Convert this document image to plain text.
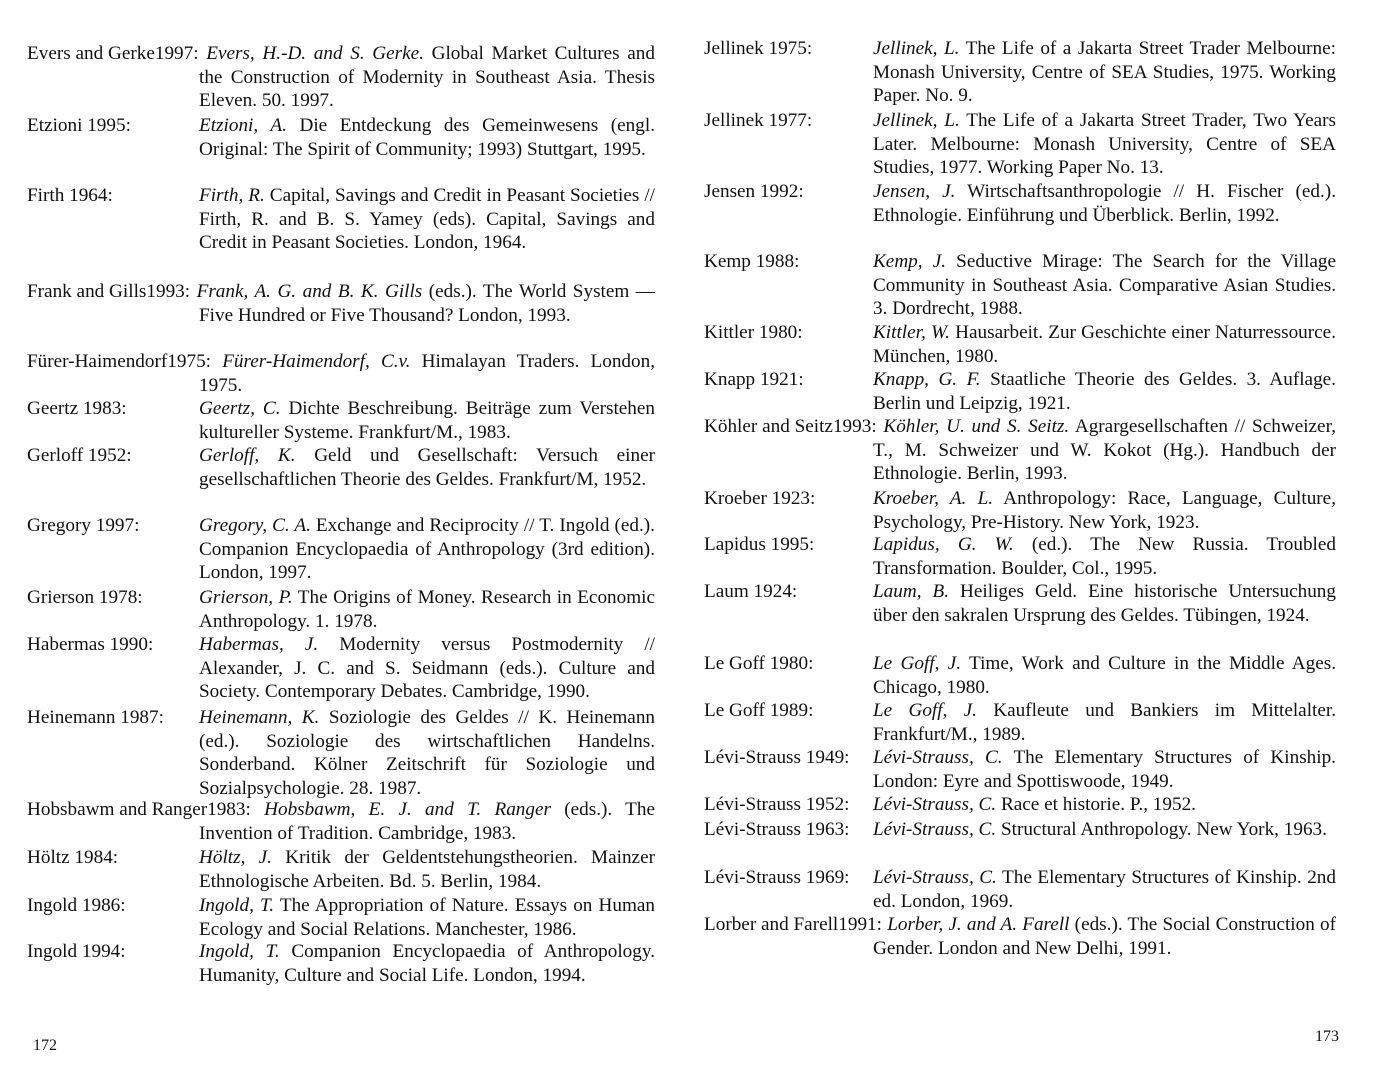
Evers and Gerke 1997: Evers, H.-D. and S. Gerke. Global Market Cultures and the Construction of Modernity in Southeast Asia. Thesis Eleven. 50. 1997.
Etzioni 1995:	Etzioni, A. Die Entdeckung des Gemeinwesens (engl. Original: The Spirit of Community; 1993) Stuttgart, 1995.
Firth 1964:	Firth, R. Capital, Savings and Credit in Peasant Societies // Firth, R. and B. S. Yamey (eds). Capital, Savings and Credit in Peasant Societies. London, 1964.
Frank and Gills 1993: Frank, A. G. and B. K. Gills (eds.). The World System — Five Hundred or Five Thousand? London, 1993.
Fürer-Haimendorf 1975: Fürer-Haimendorf, C.v. Himalayan Traders. London, 1975.
Geertz 1983:	Geertz, C. Dichte Beschreibung. Beiträge zum Verstehen kultureller Systeme. Frankfurt/M., 1983.
Gerloff 1952:	Gerloff, K. Geld und Gesellschaft: Versuch einer gesellschaftlichen Theorie des Geldes. Frankfurt/M, 1952.
Gregory 1997:	Gregory, C. A. Exchange and Reciprocity // T. Ingold (ed.). Companion Encyclopaedia of Anthropology (3rd edition). London, 1997.
Grierson 1978:	Grierson, P. The Origins of Money. Research in Economic Anthropology. 1. 1978.
Habermas 1990: Habermas, J. Modernity versus Postmodernity // Alexander, J. C. and S. Seidmann (eds.). Culture and Society. Contemporary Debates. Cambridge, 1990.
Heinemann 1987: Heinemann, K. Soziologie des Geldes // K. Heinemann (ed.). Soziologie des wirtschaftlichen Handelns. Sonderband. Kölner Zeitschrift für Soziologie und Sozialpsychologie. 28. 1987.
Hobsbawm and Ranger 1983: Hobsbawm, E. J. and T. Ranger (eds.). The Invention of Tradition. Cambridge, 1983.
Höltz 1984:	Höltz, J. Kritik der Geldentstehungstheorien. Mainzer Ethnologische Arbeiten. Bd. 5. Berlin, 1984.
Ingold 1986:	Ingold, T. The Appropriation of Nature. Essays on Human Ecology and Social Relations. Manchester, 1986.
Ingold 1994:	Ingold, T. Companion Encyclopaedia of Anthropology. Humanity, Culture and Social Life. London, 1994.
172
Jellinek 1975:	Jellinek, L. The Life of a Jakarta Street Trader Melbourne: Monash University, Centre of SEA Studies, 1975. Working Paper. No. 9.
Jellinek 1977:	Jellinek, L. The Life of a Jakarta Street Trader, Two Years Later. Melbourne: Monash University, Centre of SEA Studies, 1977. Working Paper No. 13.
Jensen 1992:	Jensen, J. Wirtschaftsanthropologie // H. Fischer (ed.). Ethnologie. Einführung und Überblick. Berlin, 1992.
Kemp 1988:	Kemp, J. Seductive Mirage: The Search for the Village Community in Southeast Asia. Comparative Asian Studies. 3. Dordrecht, 1988.
Kittler 1980:	Kittler, W. Hausarbeit. Zur Geschichte einer Naturressource. München, 1980.
Knapp 1921:	Knapp, G. F. Staatliche Theorie des Geldes. 3. Auflage. Berlin und Leipzig, 1921.
Köhler and Seitz 1993: Köhler, U. und S. Seitz. Agrargesellschaften // Schweizer, T., M. Schweizer und W. Kokot (Hg.). Handbuch der Ethnologie. Berlin, 1993.
Kroeber 1923:	Kroeber, A. L. Anthropology: Race, Language, Culture, Psychology, Pre-History. New York, 1923.
Lapidus 1995:	Lapidus, G. W. (ed.). The New Russia. Troubled Transformation. Boulder, Col., 1995.
Laum 1924:	Laum, B. Heiliges Geld. Eine historische Untersuchung über den sakralen Ursprung des Geldes. Tübingen, 1924.
Le Goff 1980:	Le Goff, J. Time, Work and Culture in the Middle Ages. Chicago, 1980.
Le Goff 1989:	Le Goff, J. Kaufleute und Bankiers im Mittelalter. Frankfurt/M., 1989.
Lévi-Strauss 1949: Lévi-Strauss, C. The Elementary Structures of Kinship. London: Eyre and Spottiswoode, 1949.
Lévi-Strauss 1952: Lévi-Strauss, C. Race et historie. P., 1952.
Lévi-Strauss 1963: Lévi-Strauss, C. Structural Anthropology. New York, 1963.
Lévi-Strauss 1969: Lévi-Strauss, C. The Elementary Structures of Kinship. 2nd ed. London, 1969.
Lorber and Farell 1991: Lorber, J. and A. Farell (eds.). The Social Construction of Gender. London and New Delhi, 1991.
173
